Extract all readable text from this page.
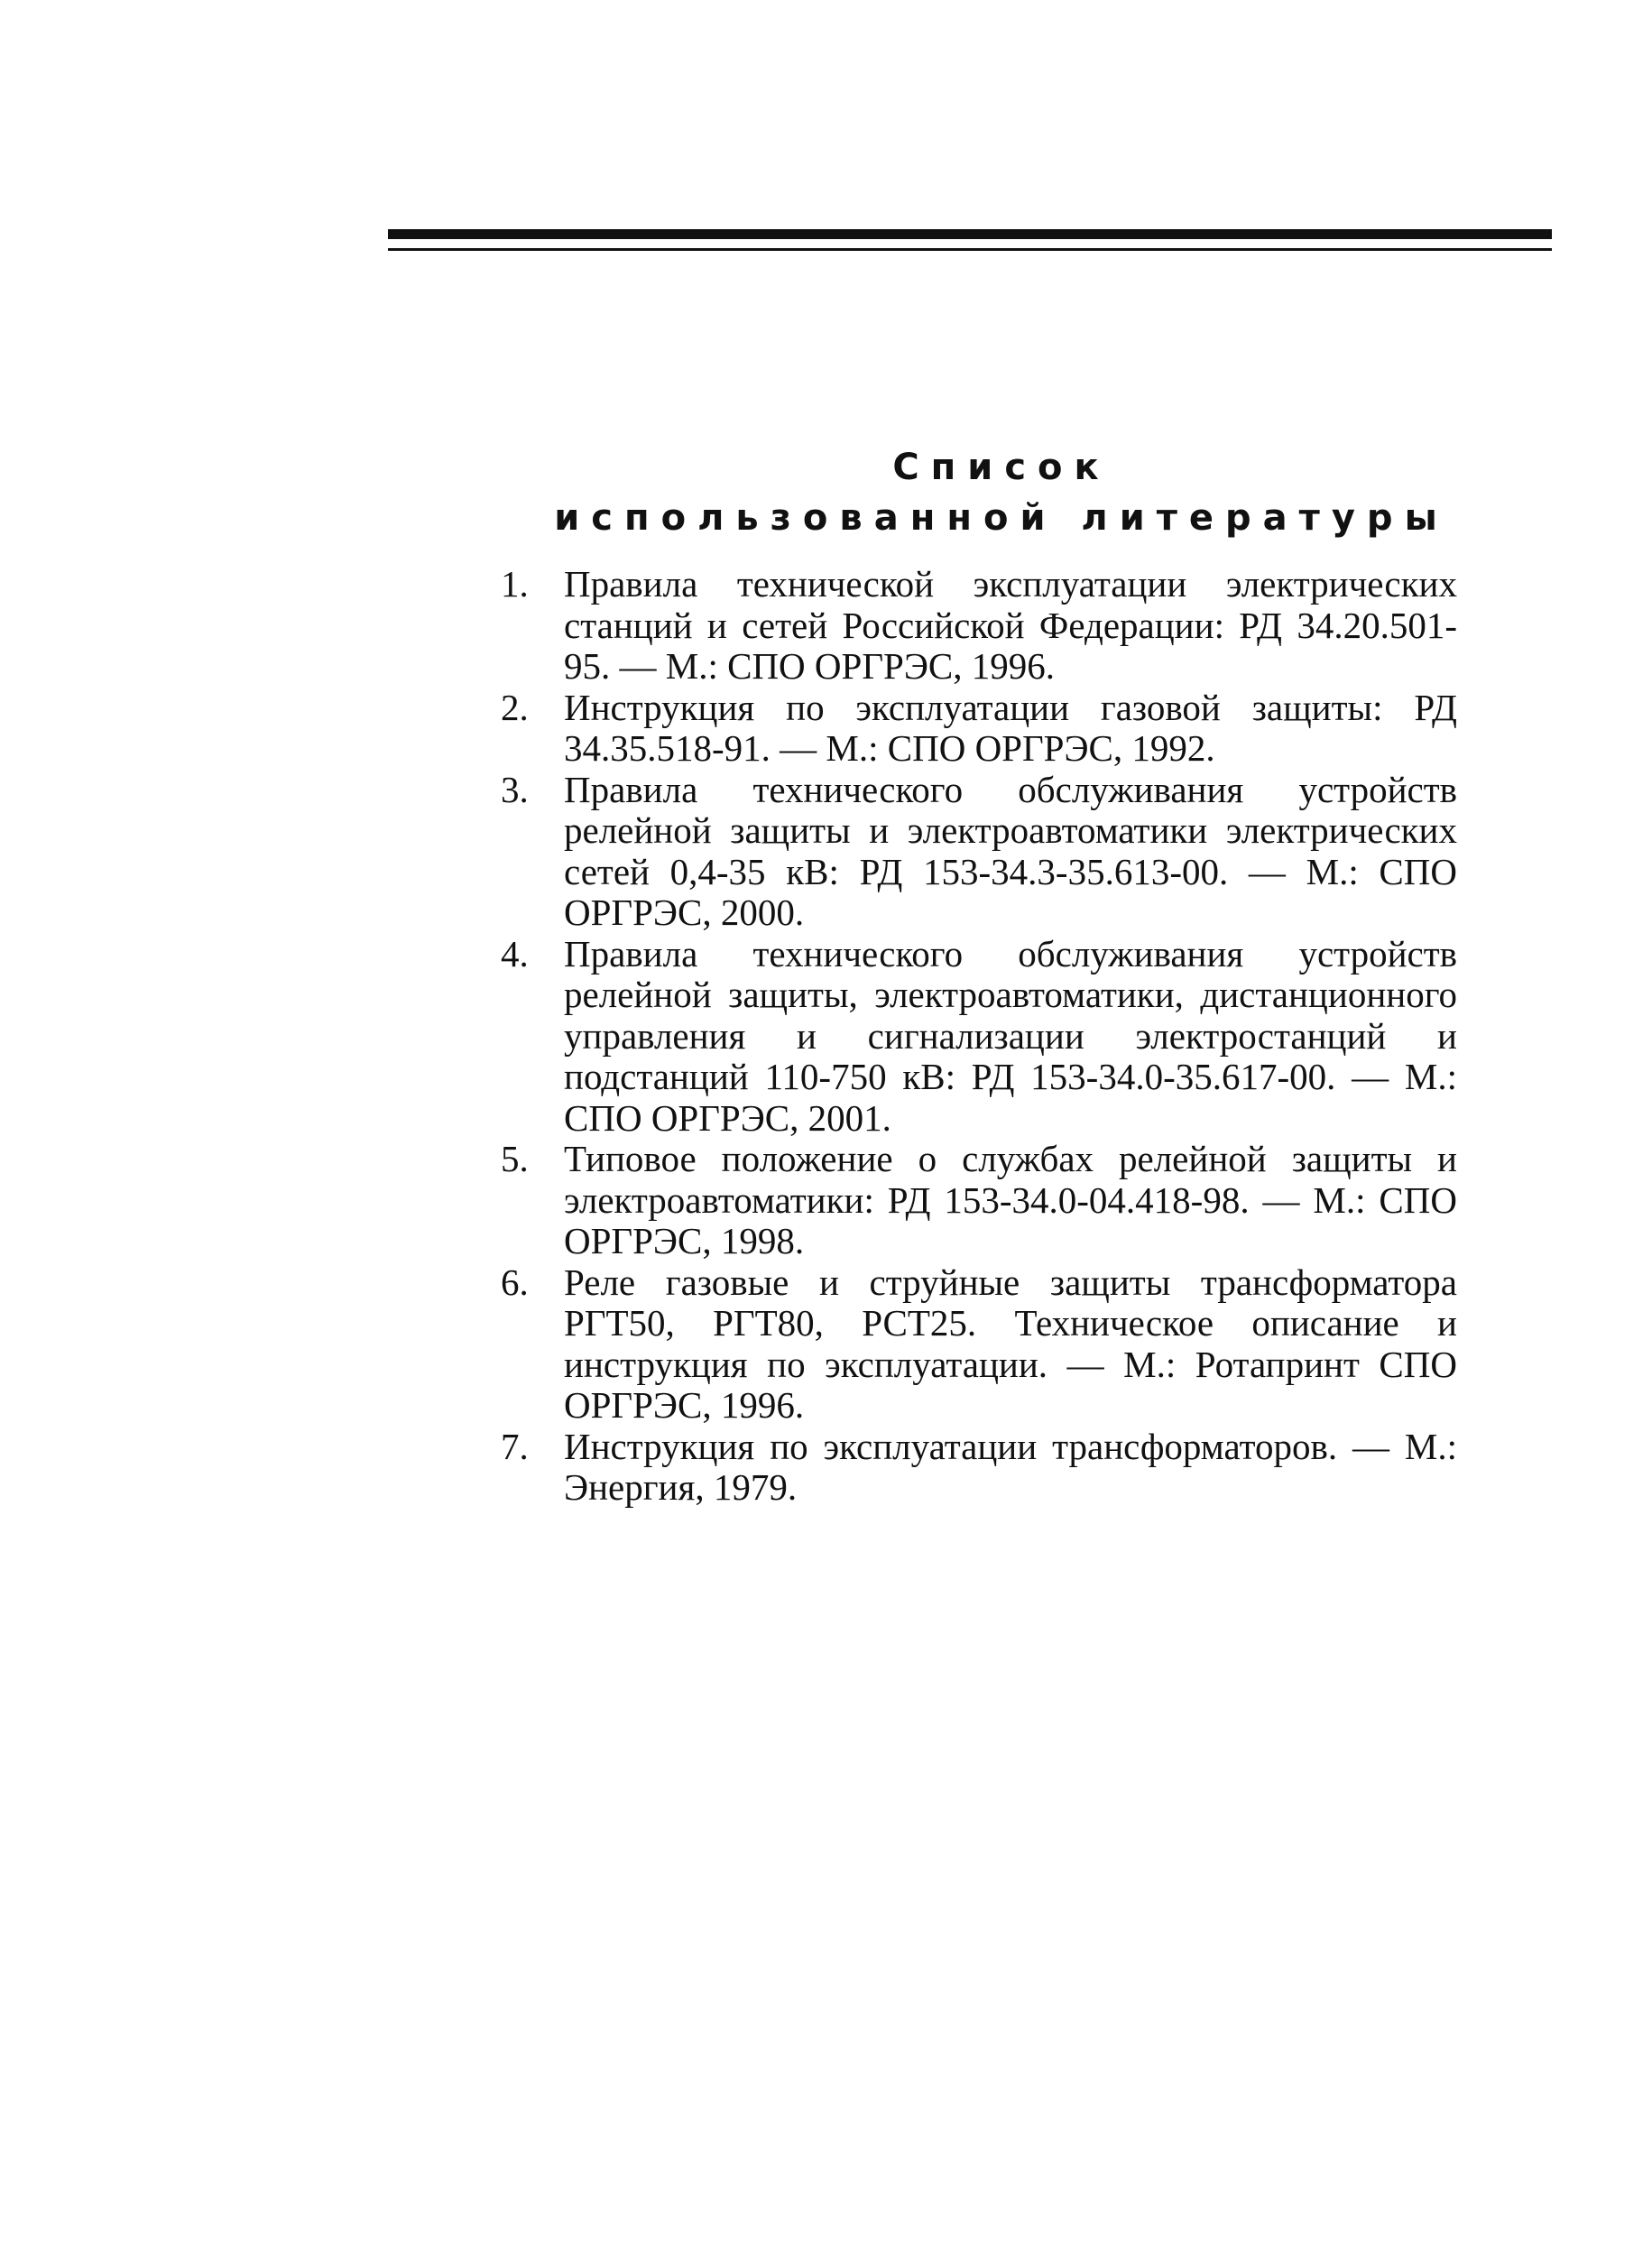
Список
использованной литературы
1. Правила технической эксплуатации электрических станций и сетей Российской Федерации: РД 34.20.501-95. — М.: СПО ОРГРЭС, 1996.
2. Инструкция по эксплуатации газовой защиты: РД 34.35.518-91. — М.: СПО ОРГРЭС, 1992.
3. Правила технического обслуживания устройств релейной защиты и электроавтоматики электрических сетей 0,4-35 кВ: РД 153-34.3-35.613-00. — М.: СПО ОРГРЭС, 2000.
4. Правила технического обслуживания устройств релейной защиты, электроавтоматики, дистанционного управления и сигнализации электростанций и подстанций 110-750 кВ: РД 153-34.0-35.617-00. — М.: СПО ОРГРЭС, 2001.
5. Типовое положение о службах релейной защиты и электроавтоматики: РД 153-34.0-04.418-98. — М.: СПО ОРГРЭС, 1998.
6. Реле газовые и струйные защиты трансформатора РГТ50, РГТ80, РСТ25. Техническое описание и инструкция по эксплуатации. — М.: Ротапринт СПО ОРГРЭС, 1996.
7. Инструкция по эксплуатации трансформаторов. — М.: Энергия, 1979.
